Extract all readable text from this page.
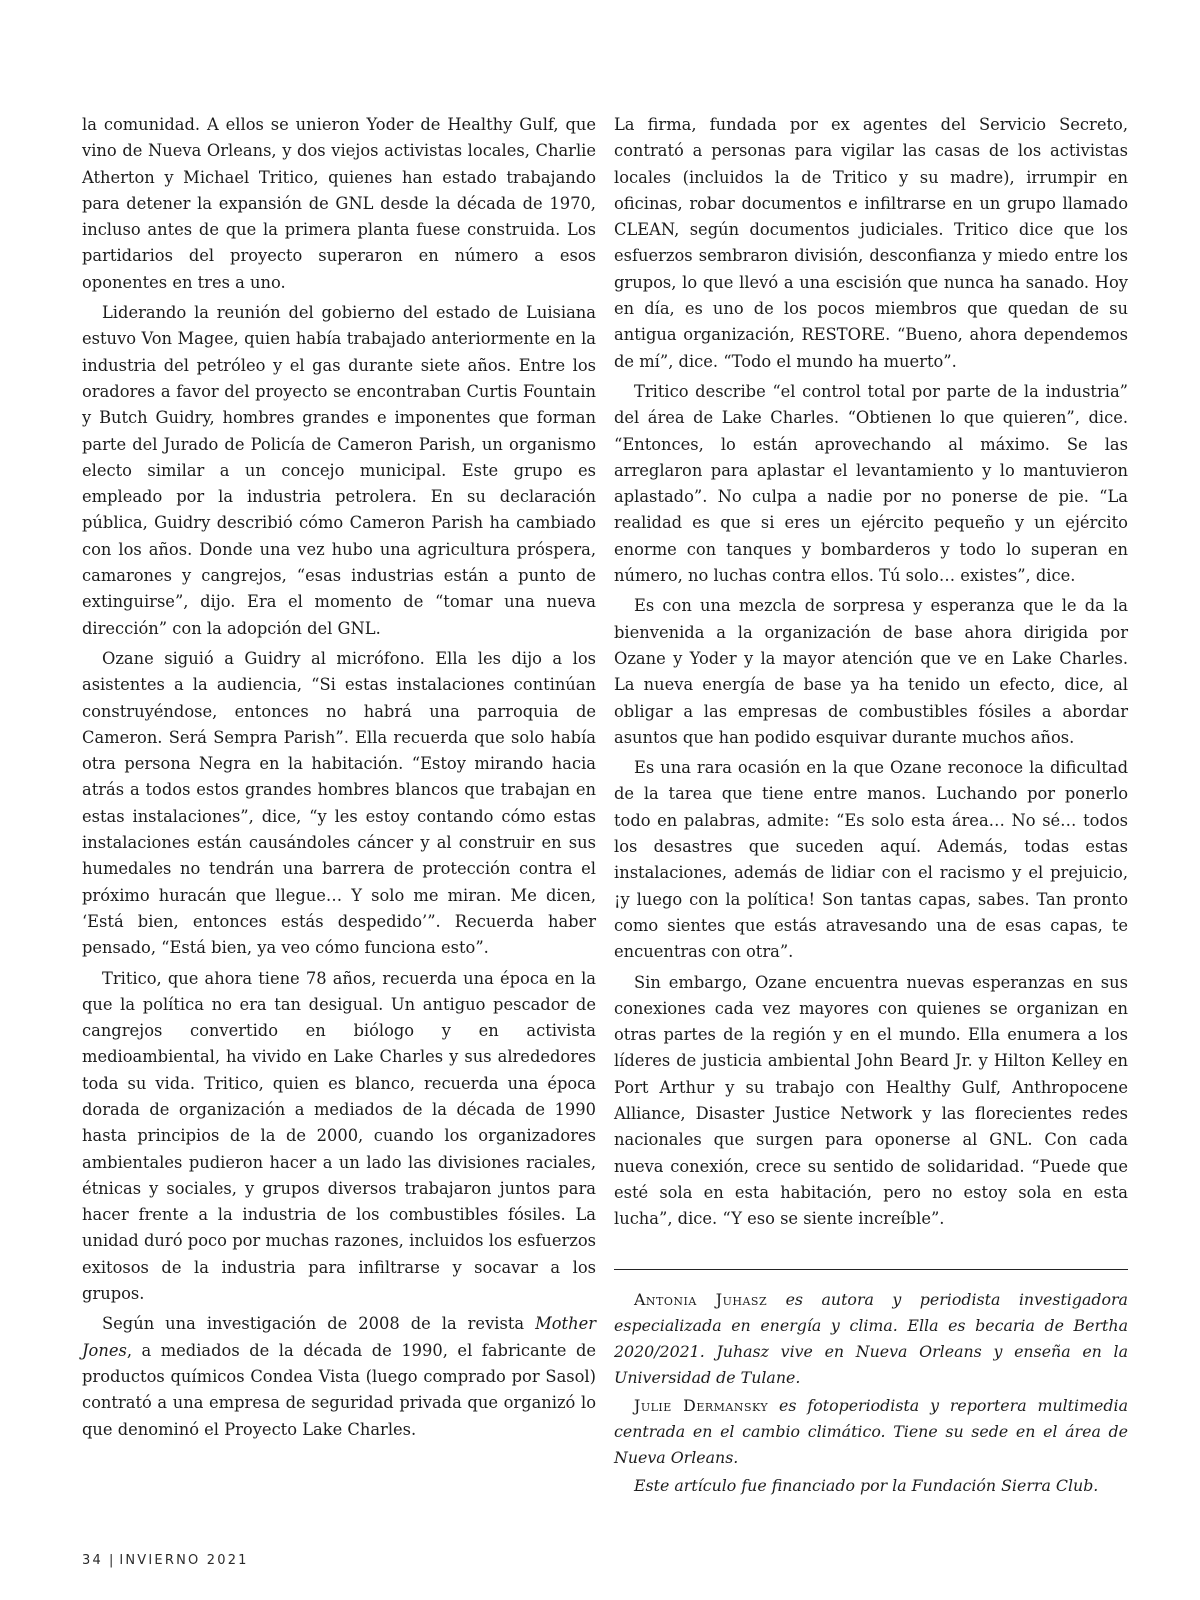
la comunidad. A ellos se unieron Yoder de Healthy Gulf, que vino de Nueva Orleans, y dos viejos activistas locales, Charlie Atherton y Michael Tritico, quienes han estado trabajando para detener la expansión de GNL desde la década de 1970, incluso antes de que la primera planta fuese construida. Los partidarios del proyecto superaron en número a esos oponentes en tres a uno.

Liderando la reunión del gobierno del estado de Luisiana estuvo Von Magee, quien había trabajado anteriormente en la industria del petróleo y el gas durante siete años. Entre los oradores a favor del proyecto se encontraban Curtis Fountain y Butch Guidry, hombres grandes e imponentes que forman parte del Jurado de Policía de Cameron Parish, un organismo electo similar a un concejo municipal. Este grupo es empleado por la industria petrolera. En su declaración pública, Guidry describió cómo Cameron Parish ha cambiado con los años. Donde una vez hubo una agricultura próspera, camarones y cangrejos, “esas industrias están a punto de extinguirse”, dijo. Era el momento de “tomar una nueva dirección” con la adopción del GNL.

Ozane siguió a Guidry al micrófono. Ella les dijo a los asistentes a la audiencia, “Si estas instalaciones continúan construyéndose, entonces no habrá una parroquia de Cameron. Será Sempra Parish”. Ella recuerda que solo había otra persona Negra en la habitación. “Estoy mirando hacia atrás a todos estos grandes hombres blancos que trabajan en estas instalaciones”, dice, “y les estoy contando cómo estas instalaciones están causándoles cáncer y al construir en sus humedales no tendrán una barrera de protección contra el próximo huracán que llegue… Y solo me miran. Me dicen, ‘Está bien, entonces estás despedido’”. Recuerda haber pensado, “Está bien, ya veo cómo funciona esto”.

Tritico, que ahora tiene 78 años, recuerda una época en la que la política no era tan desigual. Un antiguo pescador de cangrejos convertido en biólogo y en activista medioambiental, ha vivido en Lake Charles y sus alrededores toda su vida. Tritico, quien es blanco, recuerda una época dorada de organización a mediados de la década de 1990 hasta principios de la de 2000, cuando los organizadores ambientales pudieron hacer a un lado las divisiones raciales, étnicas y sociales, y grupos diversos trabajaron juntos para hacer frente a la industria de los combustibles fósiles. La unidad duró poco por muchas razones, incluidos los esfuerzos exitosos de la industria para infiltrarse y socavar a los grupos.

Según una investigación de 2008 de la revista Mother Jones, a mediados de la década de 1990, el fabricante de productos químicos Condea Vista (luego comprado por Sasol) contrató a una empresa de seguridad privada que organizó lo que denominó el Proyecto Lake Charles.

La firma, fundada por ex agentes del Servicio Secreto, contrató a personas para vigilar las casas de los activistas locales (incluidos la de Tritico y su madre), irrumpir en oficinas, robar documentos e infiltrarse en un grupo llamado CLEAN, según documentos judiciales. Tritico dice que los esfuerzos sembraron división, desconfianza y miedo entre los grupos, lo que llevó a una escisión que nunca ha sanado. Hoy en día, es uno de los pocos miembros que quedan de su antigua organización, RESTORE. “Bueno, ahora dependemos de mí”, dice. “Todo el mundo ha muerto”.

Tritico describe “el control total por parte de la industria” del área de Lake Charles. “Obtienen lo que quieren”, dice. “Entonces, lo están aprovechando al máximo. Se las arreglaron para aplastar el levantamiento y lo mantuvieron aplastado”. No culpa a nadie por no ponerse de pie. “La realidad es que si eres un ejército pequeño y un ejército enorme con tanques y bombarderos y todo lo superan en número, no luchas contra ellos. Tú solo… existes”, dice.

Es con una mezcla de sorpresa y esperanza que le da la bienvenida a la organización de base ahora dirigida por Ozane y Yoder y la mayor atención que ve en Lake Charles. La nueva energía de base ya ha tenido un efecto, dice, al obligar a las empresas de combustibles fósiles a abordar asuntos que han podido esquivar durante muchos años.

Es una rara ocasión en la que Ozane reconoce la dificultad de la tarea que tiene entre manos. Luchando por ponerlo todo en palabras, admite: “Es solo esta área… No sé… todos los desastres que suceden aquí. Además, todas estas instalaciones, además de lidiar con el racismo y el prejuicio, ¡y luego con la política! Son tantas capas, sabes. Tan pronto como sientes que estás atravesando una de esas capas, te encuentras con otra”.

Sin embargo, Ozane encuentra nuevas esperanzas en sus conexiones cada vez mayores con quienes se organizan en otras partes de la región y en el mundo. Ella enumera a los líderes de justicia ambiental John Beard Jr. y Hilton Kelley en Port Arthur y su trabajo con Healthy Gulf, Anthropocene Alliance, Disaster Justice Network y las florecientes redes nacionales que surgen para oponerse al GNL. Con cada nueva conexión, crece su sentido de solidaridad. “Puede que esté sola en esta habitación, pero no estoy sola en esta lucha”, dice. “Y eso se siente increíble”.

Antonia Juhasz es autora y periodista investigadora especializada en energía y clima. Ella es becaria de Bertha 2020/2021. Juhasz vive en Nueva Orleans y enseña en la Universidad de Tulane.

Julie Dermansky es fotoperiodista y reportera multimedia centrada en el cambio climático. Tiene su sede en el área de Nueva Orleans.

Este artículo fue financiado por la Fundación Sierra Club.

34 | INVIERNO 2021
